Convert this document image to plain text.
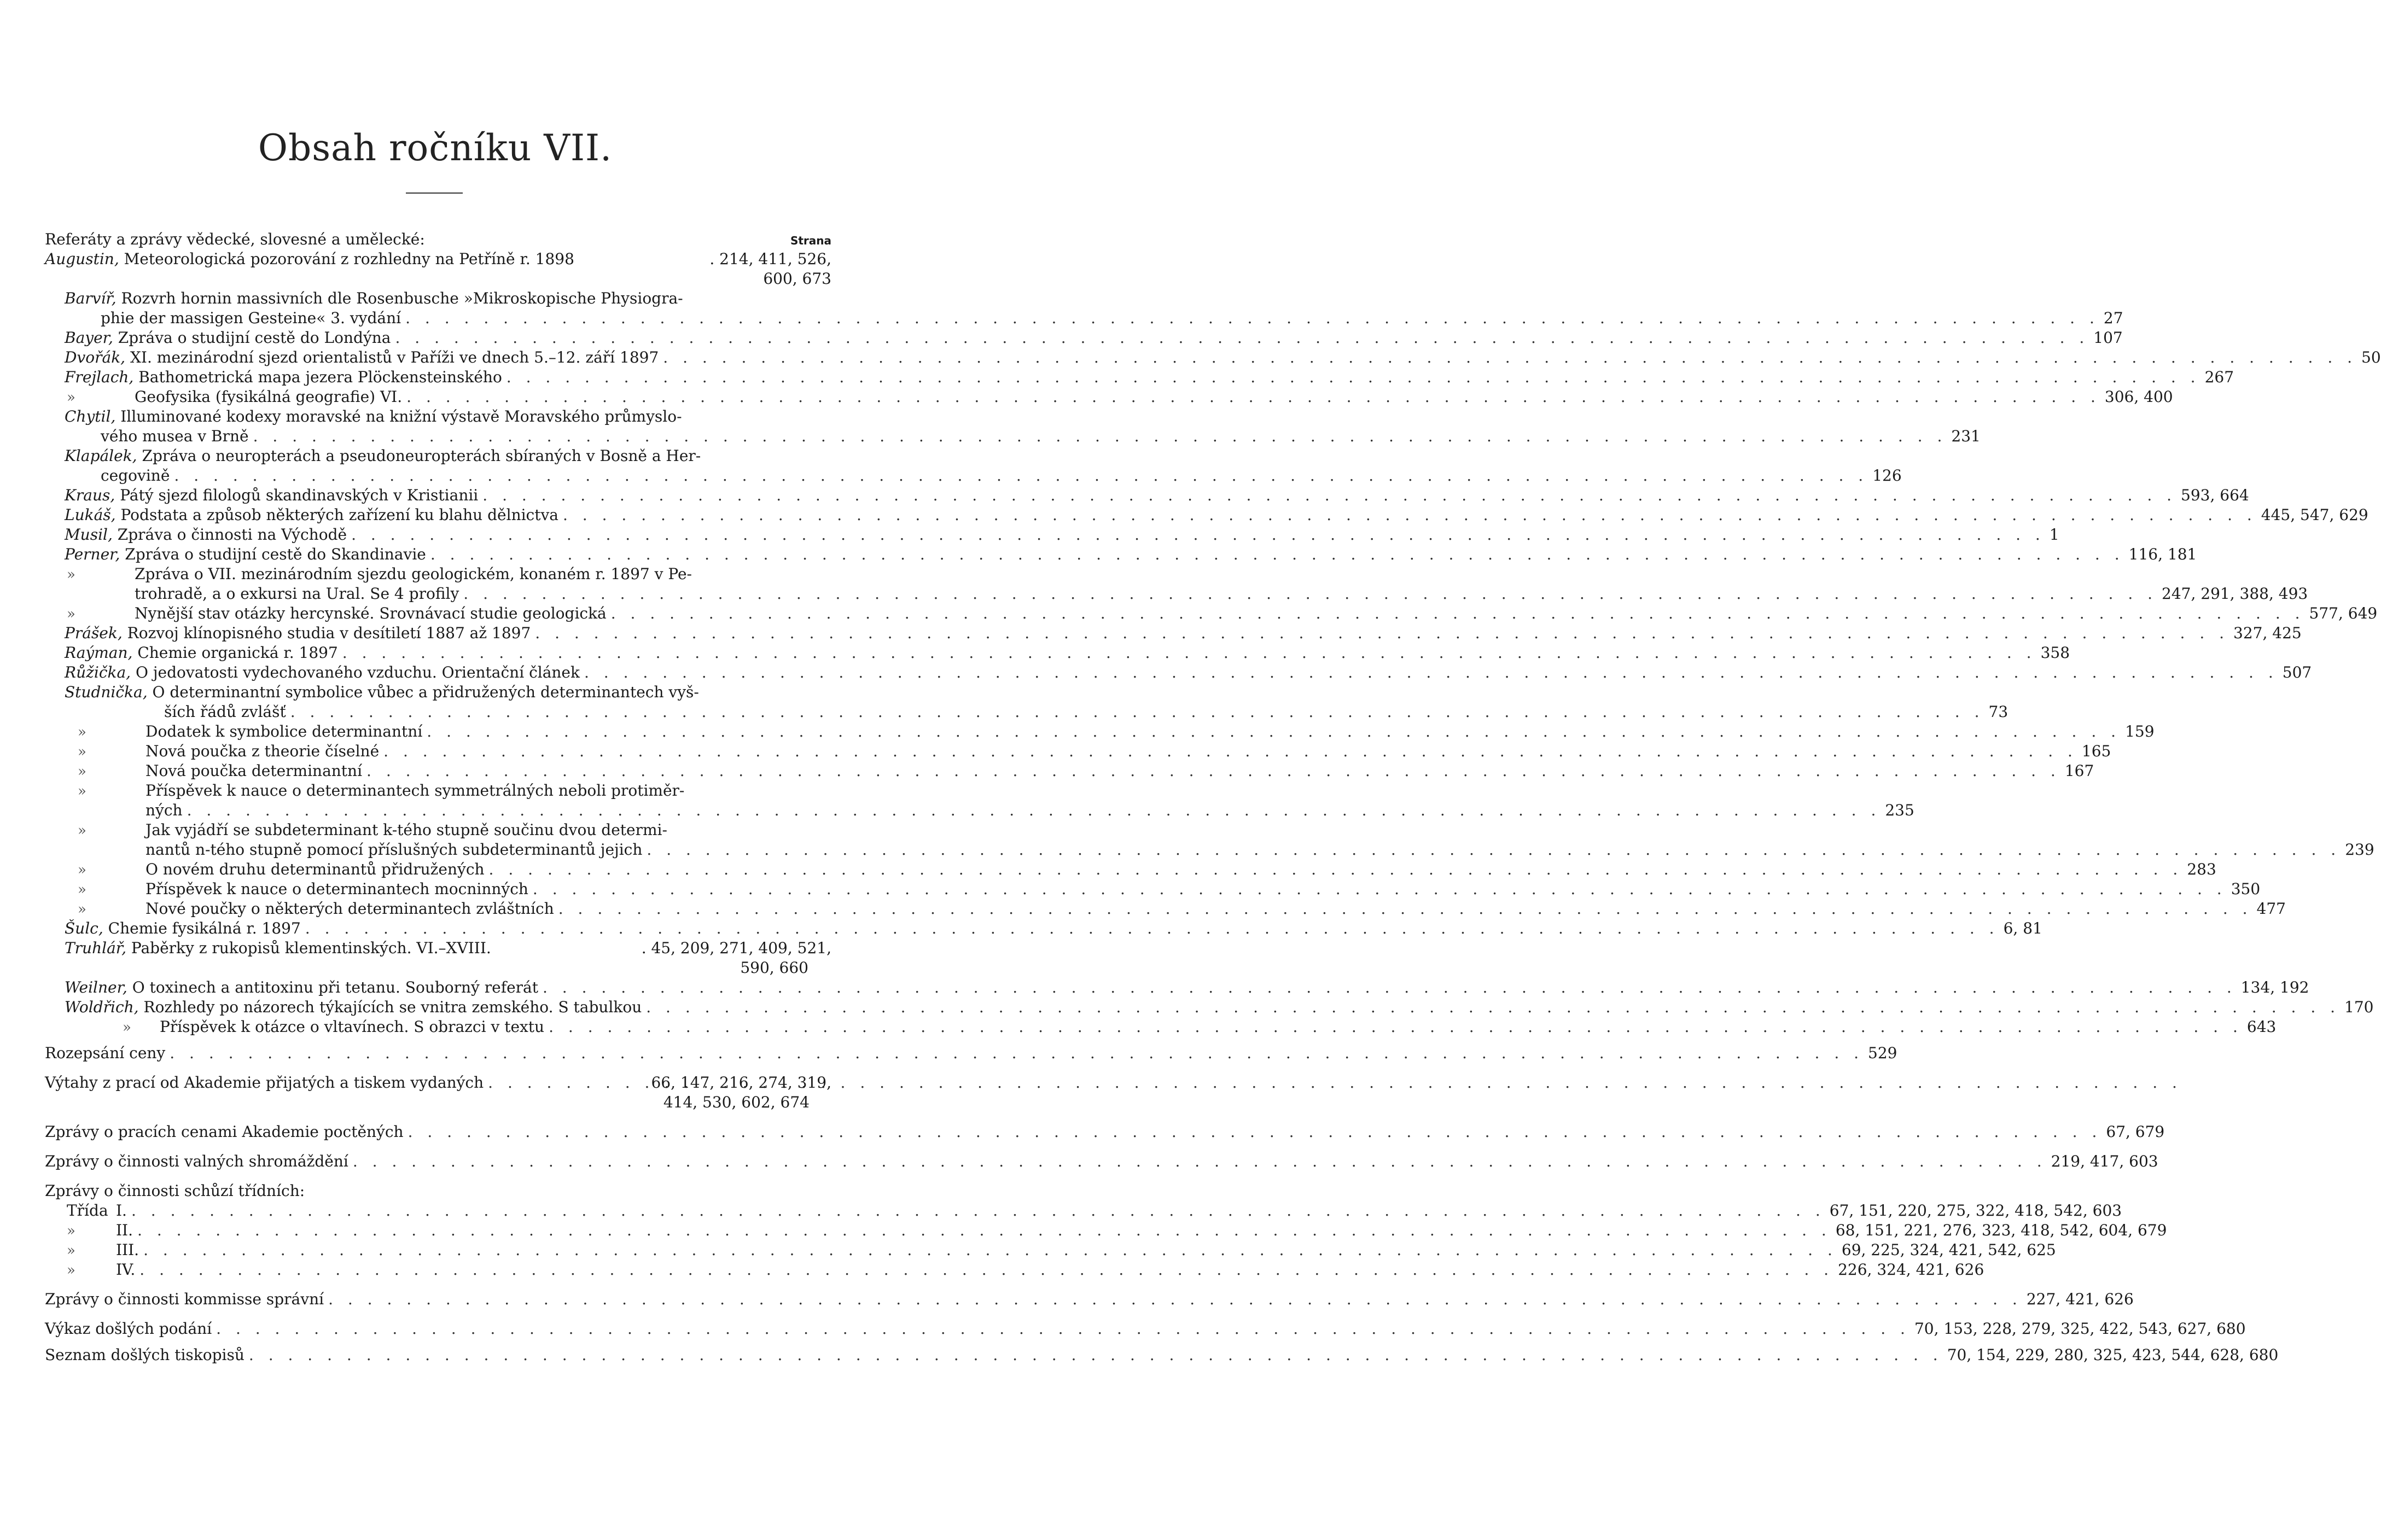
Obsah ročníku VII.
Referáty a zprávy vědecké, slovesné a umělecké:	Strana
Augustin, Meteorologická pozorování z rozhledny na Petříně r. 1898	. 214, 411, 526,
600, 673
Barvíř, Rozvrh hornin massivních dle Rosenbusche »Mikroskopische Physiogra-
phie der massigen Gesteine« 3. vydání . . .	27
Bayer, Zpráva o studijní cestě do Londýna . . .	107
Dvořák, XI. mezinárodní sjezd orientalistů v Paříži ve dnech 5.–12. září 1897 . . .	50
Frejlach, Bathometrická mapa jezera Plöckensteinského . . .	267
»	Geofysika (fysikálná geografie) VI. . . .	306, 400
Chytil, Illuminované kodexy moravské na knižní výstavě Moravského průmyslo-
vého musea v Brně . . .	231
Klapálek, Zpráva o neuropterách a pseudoneuropterách sbíraných v Bosně a Her-
cegovině . . .	126
Kraus, Pátý sjezd filologů skandinavských v Kristianii . . .	593, 664
Lukáš, Podstata a způsob některých zařízení ku blahu dělnictva . . .	445, 547, 629
Musil, Zpráva o činnosti na Východě . . .	1
Perner, Zpráva o studijní cestě do Skandinavie . . .	116, 181
»	Zpráva o VII. mezinárodním sjezdu geologickém, konaném r. 1897 v Pe-
trohradě, a o exkursi na Ural. Se 4 profily . . .	247, 291, 388, 493
»	Nynější stav otázky hercynské. Srovnávací studie geologická . . .	577, 649
Prášek, Rozvoj klínopisného studia v desítiletí 1887 až 1897 . . .	327, 425
Raýman, Chemie organická r. 1897 . . .	358
Růžička, O jedovatosti vydechovaného vzduchu. Orientační článek . . .	507
Studnička, O determinantní symbolice vůbec a přidružených determinantech vyš-
ších řádů zvlášť . . .	73
»	Dodatek k symbolice determinantní . . .	159
»	Nová poučka z theorie číselné . . .	165
»	Nová poučka determinantní . . .	167
»	Příspěvek k nauce o determinantech symmetrálných neboli protiměr-
ných . . .	235
»	Jak vyjádří se subdeterminant k-tého stupně součinu dvou determi-
nantů n-tého stupně pomocí příslušných subdeterminantů jejich . . .	239
»	O novém druhu determinantů přidružených . . .	283
»	Příspěvek k nauce o determinantech mocninných . . .	350
»	Nové poučky o některých determinantech zvláštních . . .	477
Šulc, Chemie fysikálná r. 1897 . . .	6, 81
Truhlář, Paběrky z rukopisů klementinských. VI.–XVIII.	. 45, 209, 271, 409, 521,
590, 660
Weilner, O toxinech a antitoxinu při tetanu. Souborný referát . . .	134, 192
Woldřich, Rozhledy po názorech týkajících se vnitra zemského. S tabulkou . . .	170
»	Příspěvek k otázce o vltavínech. S obrazci v textu . . .	643
Rozepsání ceny . . .	529
Výtahy z prací od Akademie přijatých a tiskem vydaných . . .	66, 147, 216, 274, 319,
414, 530, 602, 674
Zprávy o pracích cenami Akademie poctěných . . .	67, 679
Zprávy o činnosti valných shromáždění . . .	219, 417, 603
Zprávy o činnosti schůzí třídních:
Třída I. . . .	67, 151, 220, 275, 322, 418, 542, 603
»	II. . . .	68, 151, 221, 276, 323, 418, 542, 604, 679
»	III. . . .	69, 225, 324, 421, 542, 625
»	IV. . . .	226, 324, 421, 626
Zprávy o činnosti kommisse správní . . .	227, 421, 626
Výkaz došlých podání . . .	70, 153, 228, 279, 325, 422, 543, 627, 680
Seznam došlých tiskopisů . . .	70, 154, 229, 280, 325, 423, 544, 628, 680
